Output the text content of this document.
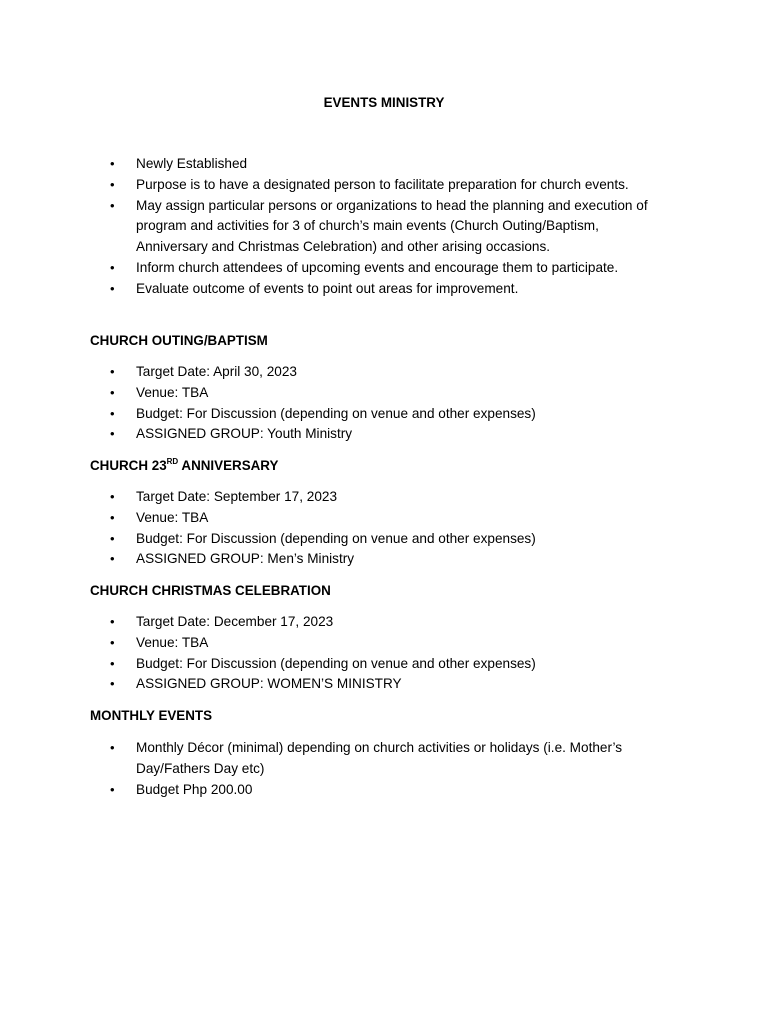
EVENTS MINISTRY
• Newly Established
• Purpose is to have a designated person to facilitate preparation for church events.
• May assign particular persons or organizations to head the planning and execution of program and activities for 3 of church’s main events (Church Outing/Baptism, Anniversary and Christmas Celebration) and other arising occasions.
• Inform church attendees of upcoming events and encourage them to participate.
• Evaluate outcome of events to point out areas for improvement.
CHURCH OUTING/BAPTISM
• Target Date: April 30, 2023
• Venue: TBA
• Budget: For Discussion (depending on venue and other expenses)
• ASSIGNED GROUP: Youth Ministry
CHURCH 23RD ANNIVERSARY
• Target Date: September 17, 2023
• Venue: TBA
• Budget: For Discussion (depending on venue and other expenses)
• ASSIGNED GROUP: Men’s Ministry
CHURCH CHRISTMAS CELEBRATION
• Target Date: December 17, 2023
• Venue: TBA
• Budget: For Discussion (depending on venue and other expenses)
• ASSIGNED GROUP: WOMEN’S MINISTRY
MONTHLY EVENTS
• Monthly Décor (minimal) depending on church activities or holidays (i.e. Mother’s Day/Fathers Day etc)
• Budget Php 200.00
